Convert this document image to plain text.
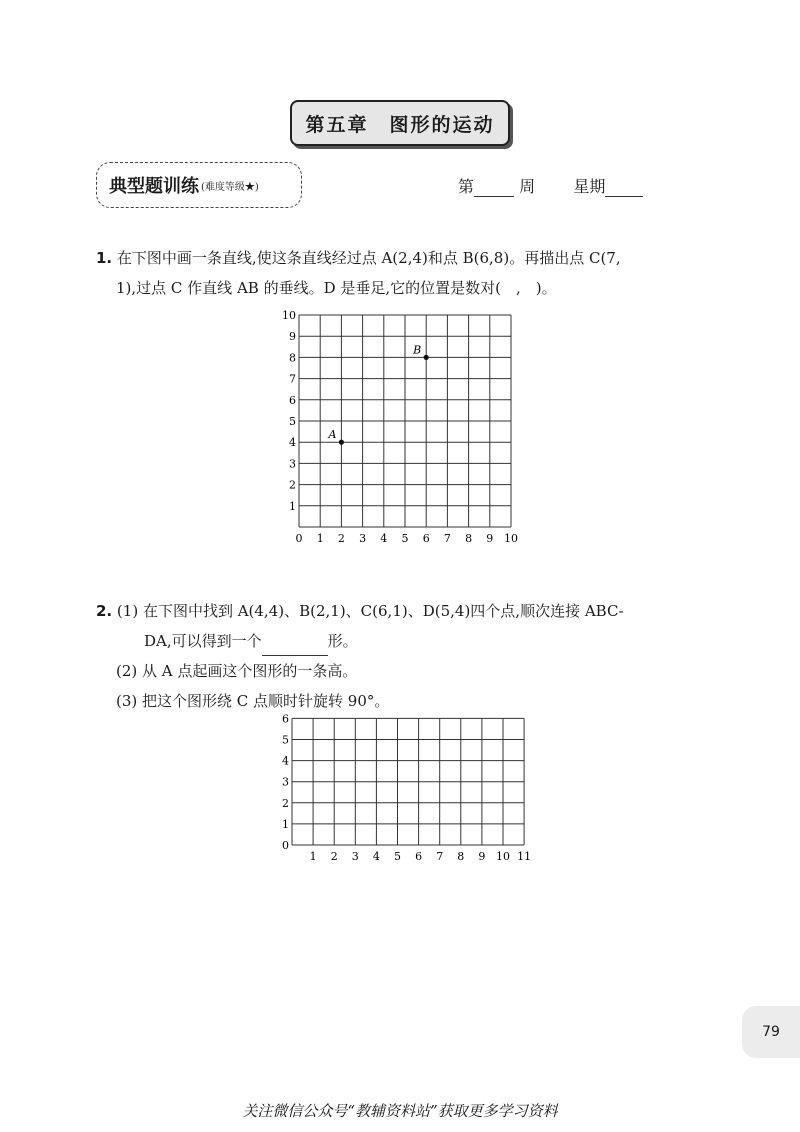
第五章　图形的运动
典型题训练 (难度等级★)	第	周 星期
1. 在下图中画一条直线,使这条直线经过点 A(2,4)和点 B(6,8)。再描出点 C(7,
1),过点 C 作直线 AB 的垂线。D 是垂足,它的位置是数对(　,　)。
0 1 2 3 4 5 6 7 8 9 10
1
2
3
4
5
6
7
8
9
10
A
B
2. (1) 在下图中找到 A(4,4)、B(2,1)、C(6,1)、D(5,4)四个点,顺次连接 ABC-
DA,可以得到一个	形。
(2) 从 A 点起画这个图形的一条高。
(3) 把这个图形绕 C 点顺时针旋转 90°。
1 2 3 4 5 6 7 8 9 10 11
0
1
2
3
4
5
6
79
关注微信公众号“教辅资料站”获取更多学习资料
